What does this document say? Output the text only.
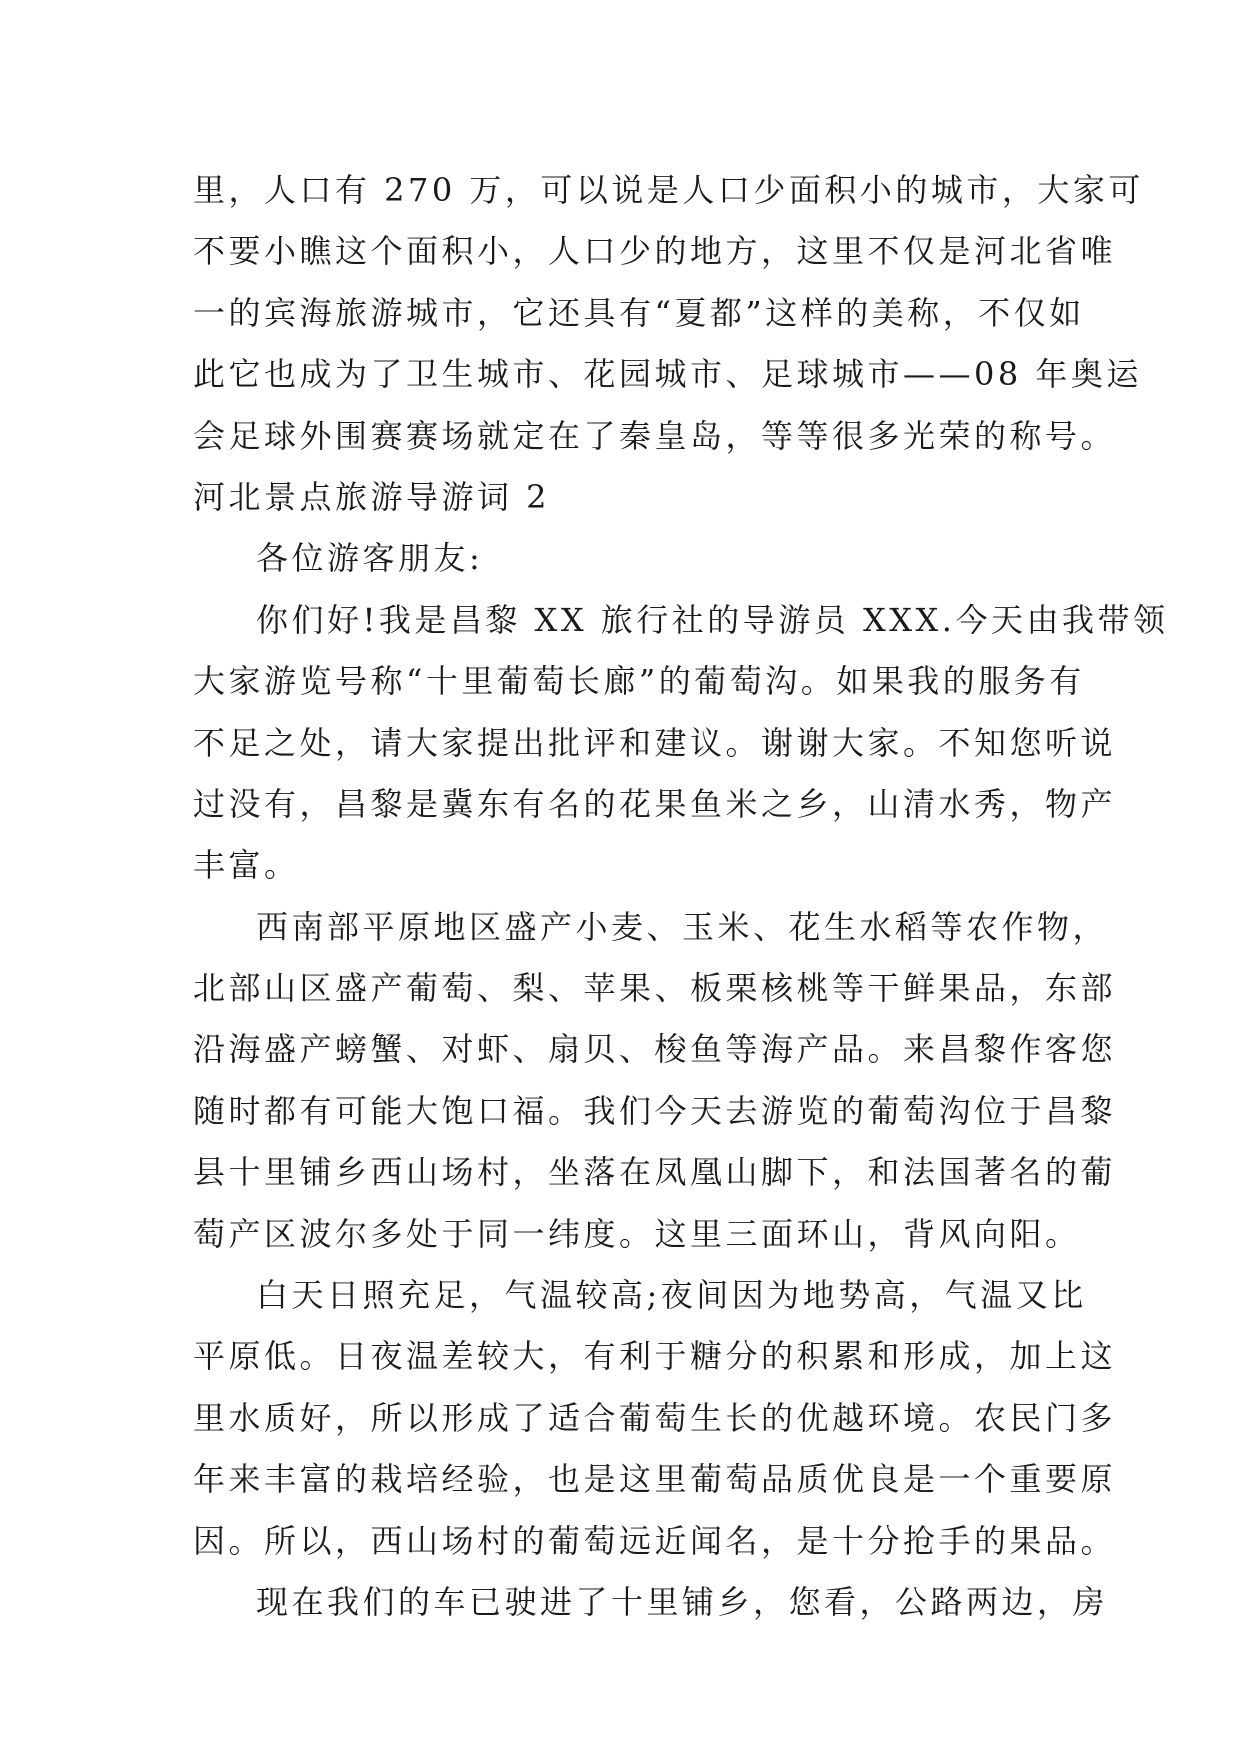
里，人口有 270 万，可以说是人口少面积小的城市，大家可
不要小瞧这个面积小，人口少的地方，这里不仅是河北省唯
一的宾海旅游城市，它还具有“夏都”这样的美称，不仅如
此它也成为了卫生城市、花园城市、足球城市——08 年奥运
会足球外围赛赛场就定在了秦皇岛，等等很多光荣的称号。
河北景点旅游导游词 2
各位游客朋友:
你们好!我是昌黎 XX 旅行社的导游员 XXX.今天由我带领
大家游览号称“十里葡萄长廊”的葡萄沟。如果我的服务有
不足之处，请大家提出批评和建议。谢谢大家。不知您听说
过没有，昌黎是冀东有名的花果鱼米之乡，山清水秀，物产
丰富。
西南部平原地区盛产小麦、玉米、花生水稻等农作物，
北部山区盛产葡萄、梨、苹果、板栗核桃等干鲜果品，东部
沿海盛产螃蟹、对虾、扇贝、梭鱼等海产品。来昌黎作客您
随时都有可能大饱口福。我们今天去游览的葡萄沟位于昌黎
县十里铺乡西山场村，坐落在凤凰山脚下，和法国著名的葡
萄产区波尔多处于同一纬度。这里三面环山，背风向阳。
白天日照充足，气温较高;夜间因为地势高，气温又比
平原低。日夜温差较大，有利于糖分的积累和形成，加上这
里水质好，所以形成了适合葡萄生长的优越环境。农民门多
年来丰富的栽培经验，也是这里葡萄品质优良是一个重要原
因。所以，西山场村的葡萄远近闻名，是十分抢手的果品。
现在我们的车已驶进了十里铺乡，您看，公路两边，房
